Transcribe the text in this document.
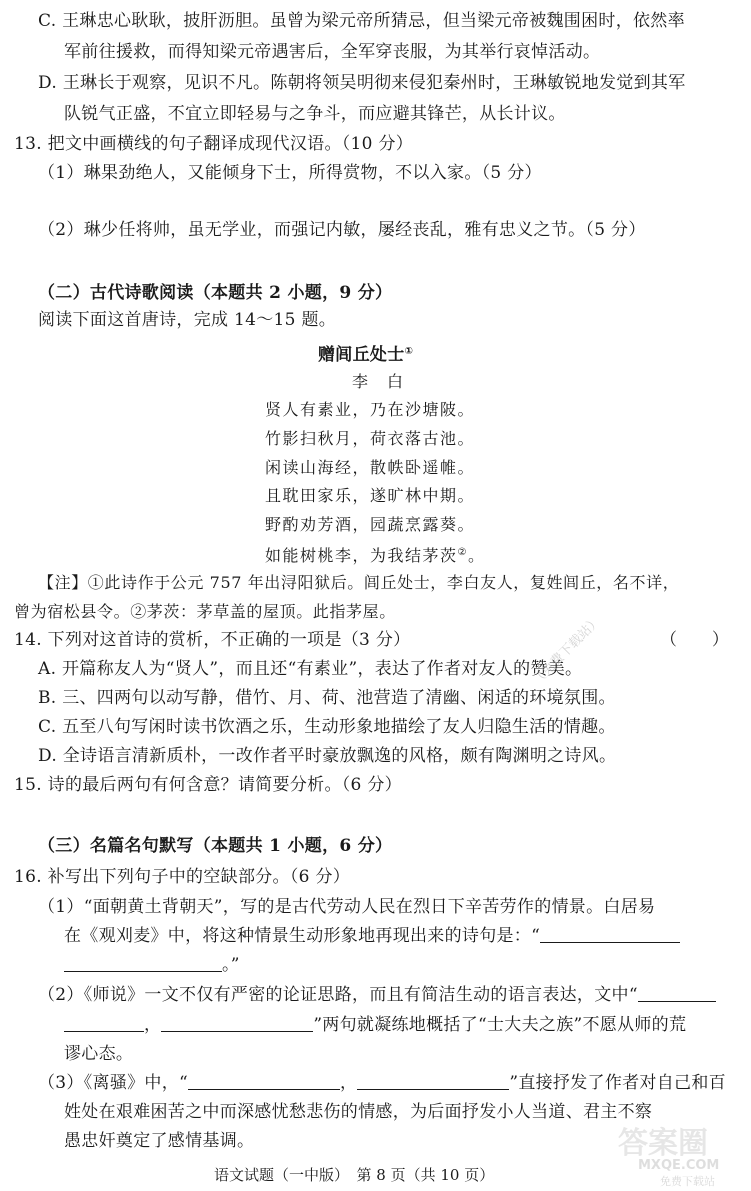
C. 王琳忠心耿耿，披肝沥胆。虽曾为梁元帝所猜忌，但当梁元帝被魏围困时，依然率
军前往援救，而得知梁元帝遇害后，全军穿丧服，为其举行哀悼活动。
D. 王琳长于观察，见识不凡。陈朝将领吴明彻来侵犯秦州时，王琳敏锐地发觉到其军
队锐气正盛，不宜立即轻易与之争斗，而应避其锋芒，从长计议。
13. 把文中画横线的句子翻译成现代汉语。（10 分）
（1）琳果劲绝人，又能倾身下士，所得赏物，不以入家。（5 分）
（2）琳少任将帅，虽无学业，而强记内敏，屡经丧乱，雅有忠义之节。（5 分）
（二）古代诗歌阅读（本题共 2 小题，9 分）
阅读下面这首唐诗，完成 14～15 题。
赠闾丘处士①
李　白
贤人有素业，乃在沙塘陂。
竹影扫秋月，荷衣落古池。
闲读山海经，散帙卧遥帷。
且耽田家乐，遂旷林中期。
野酌劝芳酒，园蔬烹露葵。
如能树桃李，为我结茅茨②。
【注】①此诗作于公元 757 年出浔阳狱后。闾丘处士，李白友人，复姓闾丘，名不详，
曾为宿松县令。②茅茨：茅草盖的屋顶。此指茅屋。
14. 下列对这首诗的赏析，不正确的一项是（3 分）	（　　）
A. 开篇称友人为“贤人”，而且还“有素业”，表达了作者对友人的赞美。
B. 三、四两句以动写静，借竹、月、荷、池营造了清幽、闲适的环境氛围。
C. 五至八句写闲时读书饮酒之乐，生动形象地描绘了友人归隐生活的情趣。
D. 全诗语言清新质朴，一改作者平时豪放飘逸的风格，颇有陶渊明之诗风。
15. 诗的最后两句有何含意？请简要分析。（6 分）
（三）名篇名句默写（本题共 1 小题，6 分）
16. 补写出下列句子中的空缺部分。（6 分）
（1）“面朝黄土背朝天”，写的是古代劳动人民在烈日下辛苦劳作的情景。白居易
在《观刈麦》中，将这种情景生动形象地再现出来的诗句是：“
。”
（2）《师说》一文不仅有严密的论证思路，而且有简洁生动的语言表达，文中“
，	”两句就凝练地概括了“士大夫之族”不愿从师的荒
谬心态。
（3）《离骚》中，“	，	”直接抒发了作者对自己和百
姓处在艰难困苦之中而深感忧愁悲伤的情感，为后面抒发小人当道、君主不察
愚忠奸奠定了感情基调。
语文试题（一中版）　第 8 页（共 10 页）
（免费下载站）
答案圈
MXQE.COM
免费下载站
